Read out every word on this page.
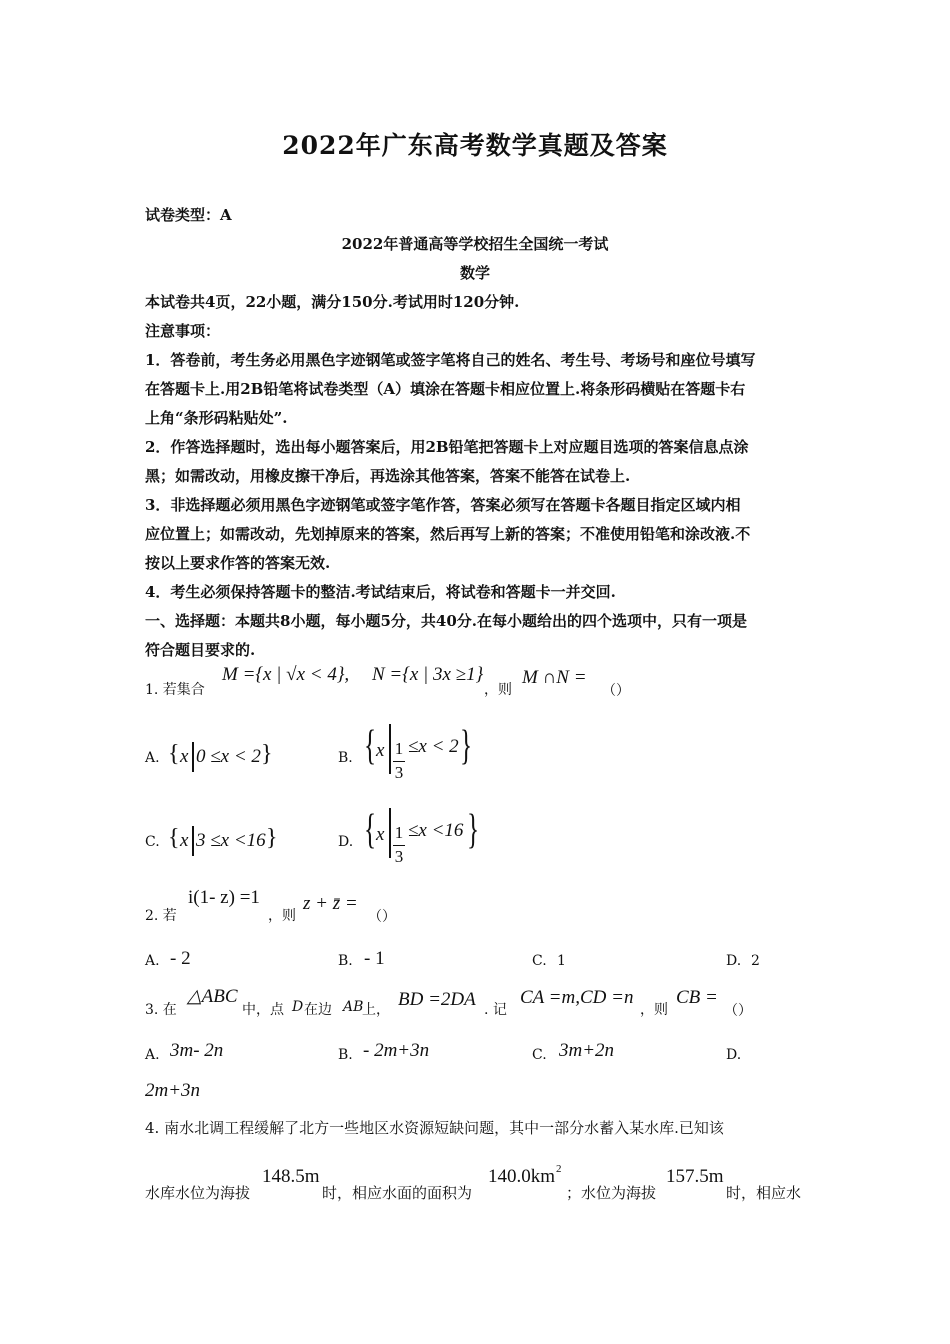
2022年广东高考数学真题及答案
试卷类型：A
2022年普通高等学校招生全国统一考试
数学
本试卷共4页，22小题，满分150分.考试用时120分钟.
注意事项：
1．答卷前，考生务必用黑色字迹钢笔或签字笔将自己的姓名、考生号、考场号和座位号填写
在答题卡上.用2B铅笔将试卷类型（A）填涂在答题卡相应位置上.将条形码横贴在答题卡右
上角“条形码粘贴处”.
2．作答选择题时，选出每小题答案后，用2B铅笔把答题卡上对应题目选项的答案信息点涂
黑；如需改动，用橡皮擦干净后，再选涂其他答案，答案不能答在试卷上.
3．非选择题必须用黑色字迹钢笔或签字笔作答，答案必须写在答题卡各题目指定区域内相
应位置上；如需改动，先划掉原来的答案，然后再写上新的答案；不准使用铅笔和涂改液.不
按以上要求作答的答案无效.
4．考生必须保持答题卡的整洁.考试结束后，将试卷和答题卡一并交回.
一、选择题：本题共8小题，每小题5分，共40分.在每小题给出的四个选项中，只有一项是
符合题目要求的.
1. 若集合
M ={x | √x < 4}, N ={x | 3x ≥1}
，则
M ∩N =
（）
A. { x 0 ≤x < 2 }	B. { x
$\frac{1}{3}$
≤x < 2 }
C. { x 3 ≤x <16 }	D. { x
$\frac{1}{3}$
≤x <16 }
2. 若
i(1- z) =1
，则
z + z̄ =
（）
A. - 2	B. - 1	C. 1	D. 2
3. 在
△ABC
中，点 D 在边 AB
上， BD =2DA . 记
CA =m,CD =n
，则
CB =
（）
A. 3m- 2n	B. - 2m+3n	C. 3m+2n	D.
2m+3n
4. 南水北调工程缓解了北方一些地区水资源短缺问题，其中一部分水蓄入某水库.已知该
水库水位为海拔
148.5m
时，相应水面的面积为
140.0km 2
；水位为海拔
157.5m
时，相应水
